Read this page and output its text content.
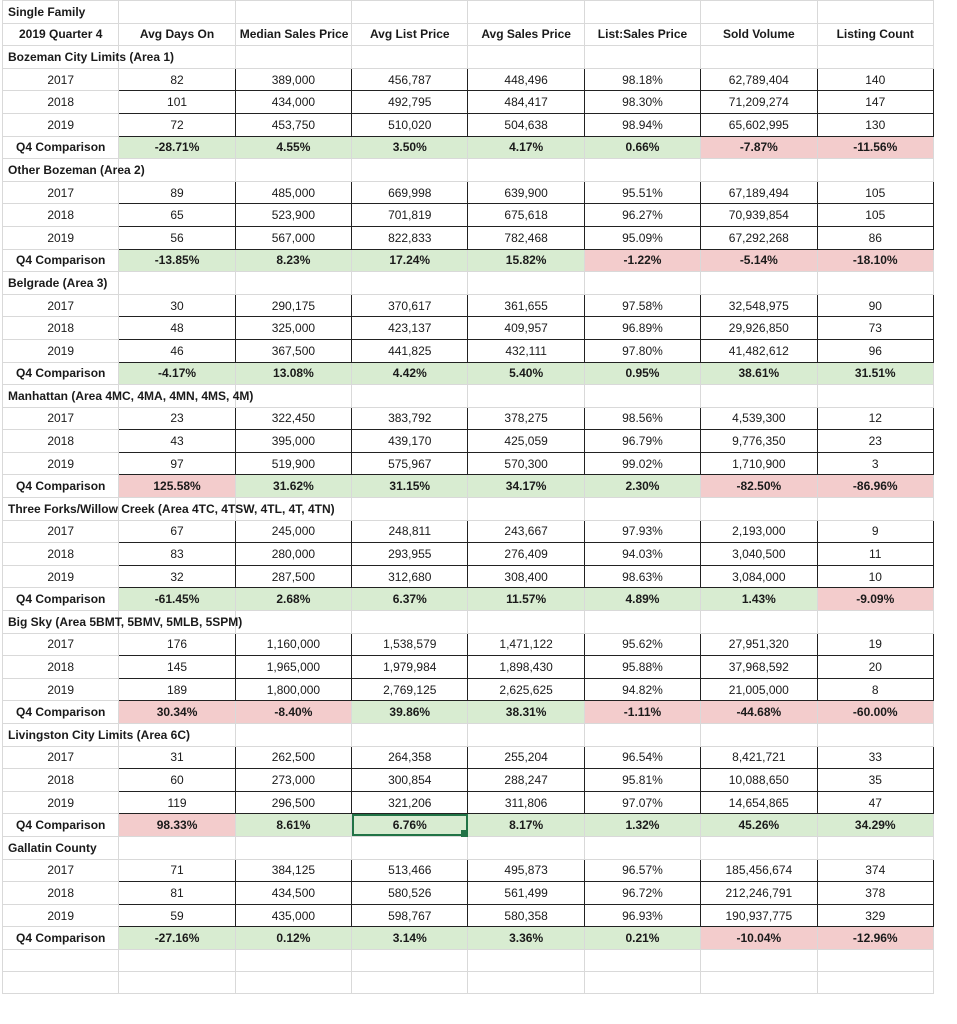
Single Family							
2019 Quarter 4	Avg Days On	Median Sales Price	Avg List Price	Avg Sales Price	List:Sales Price	Sold Volume	Listing Count
Bozeman City Limits (Area 1)							
2017	82	389,000	456,787	448,496	98.18%	62,789,404	140
2018	101	434,000	492,795	484,417	98.30%	71,209,274	147
2019	72	453,750	510,020	504,638	98.94%	65,602,995	130
Q4 Comparison	-28.71%	4.55%	3.50%	4.17%	0.66%	-7.87%	-11.56%
Other Bozeman (Area 2)							
2017	89	485,000	669,998	639,900	95.51%	67,189,494	105
2018	65	523,900	701,819	675,618	96.27%	70,939,854	105
2019	56	567,000	822,833	782,468	95.09%	67,292,268	86
Q4 Comparison	-13.85%	8.23%	17.24%	15.82%	-1.22%	-5.14%	-18.10%
Belgrade (Area 3)							
2017	30	290,175	370,617	361,655	97.58%	32,548,975	90
2018	48	325,000	423,137	409,957	96.89%	29,926,850	73
2019	46	367,500	441,825	432,111	97.80%	41,482,612	96
Q4 Comparison	-4.17%	13.08%	4.42%	5.40%	0.95%	38.61%	31.51%
Manhattan (Area 4MC, 4MA, 4MN, 4MS, 4M)							
2017	23	322,450	383,792	378,275	98.56%	4,539,300	12
2018	43	395,000	439,170	425,059	96.79%	9,776,350	23
2019	97	519,900	575,967	570,300	99.02%	1,710,900	3
Q4 Comparison	125.58%	31.62%	31.15%	34.17%	2.30%	-82.50%	-86.96%
Three Forks/Willow Creek (Area 4TC, 4TSW, 4TL, 4T, 4TN)							
2017	67	245,000	248,811	243,667	97.93%	2,193,000	9
2018	83	280,000	293,955	276,409	94.03%	3,040,500	11
2019	32	287,500	312,680	308,400	98.63%	3,084,000	10
Q4 Comparison	-61.45%	2.68%	6.37%	11.57%	4.89%	1.43%	-9.09%
Big Sky (Area 5BMT, 5BMV, 5MLB, 5SPM)							
2017	176	1,160,000	1,538,579	1,471,122	95.62%	27,951,320	19
2018	145	1,965,000	1,979,984	1,898,430	95.88%	37,968,592	20
2019	189	1,800,000	2,769,125	2,625,625	94.82%	21,005,000	8
Q4 Comparison	30.34%	-8.40%	39.86%	38.31%	-1.11%	-44.68%	-60.00%
Livingston City Limits (Area 6C)							
2017	31	262,500	264,358	255,204	96.54%	8,421,721	33
2018	60	273,000	300,854	288,247	95.81%	10,088,650	35
2019	119	296,500	321,206	311,806	97.07%	14,654,865	47
Q4 Comparison	98.33%	8.61%	6.76%	8.17%	1.32%	45.26%	34.29%
Gallatin County							
2017	71	384,125	513,466	495,873	96.57%	185,456,674	374
2018	81	434,500	580,526	561,499	96.72%	212,246,791	378
2019	59	435,000	598,767	580,358	96.93%	190,937,775	329
Q4 Comparison	-27.16%	0.12%	3.14%	3.36%	0.21%	-10.04%	-12.96%
